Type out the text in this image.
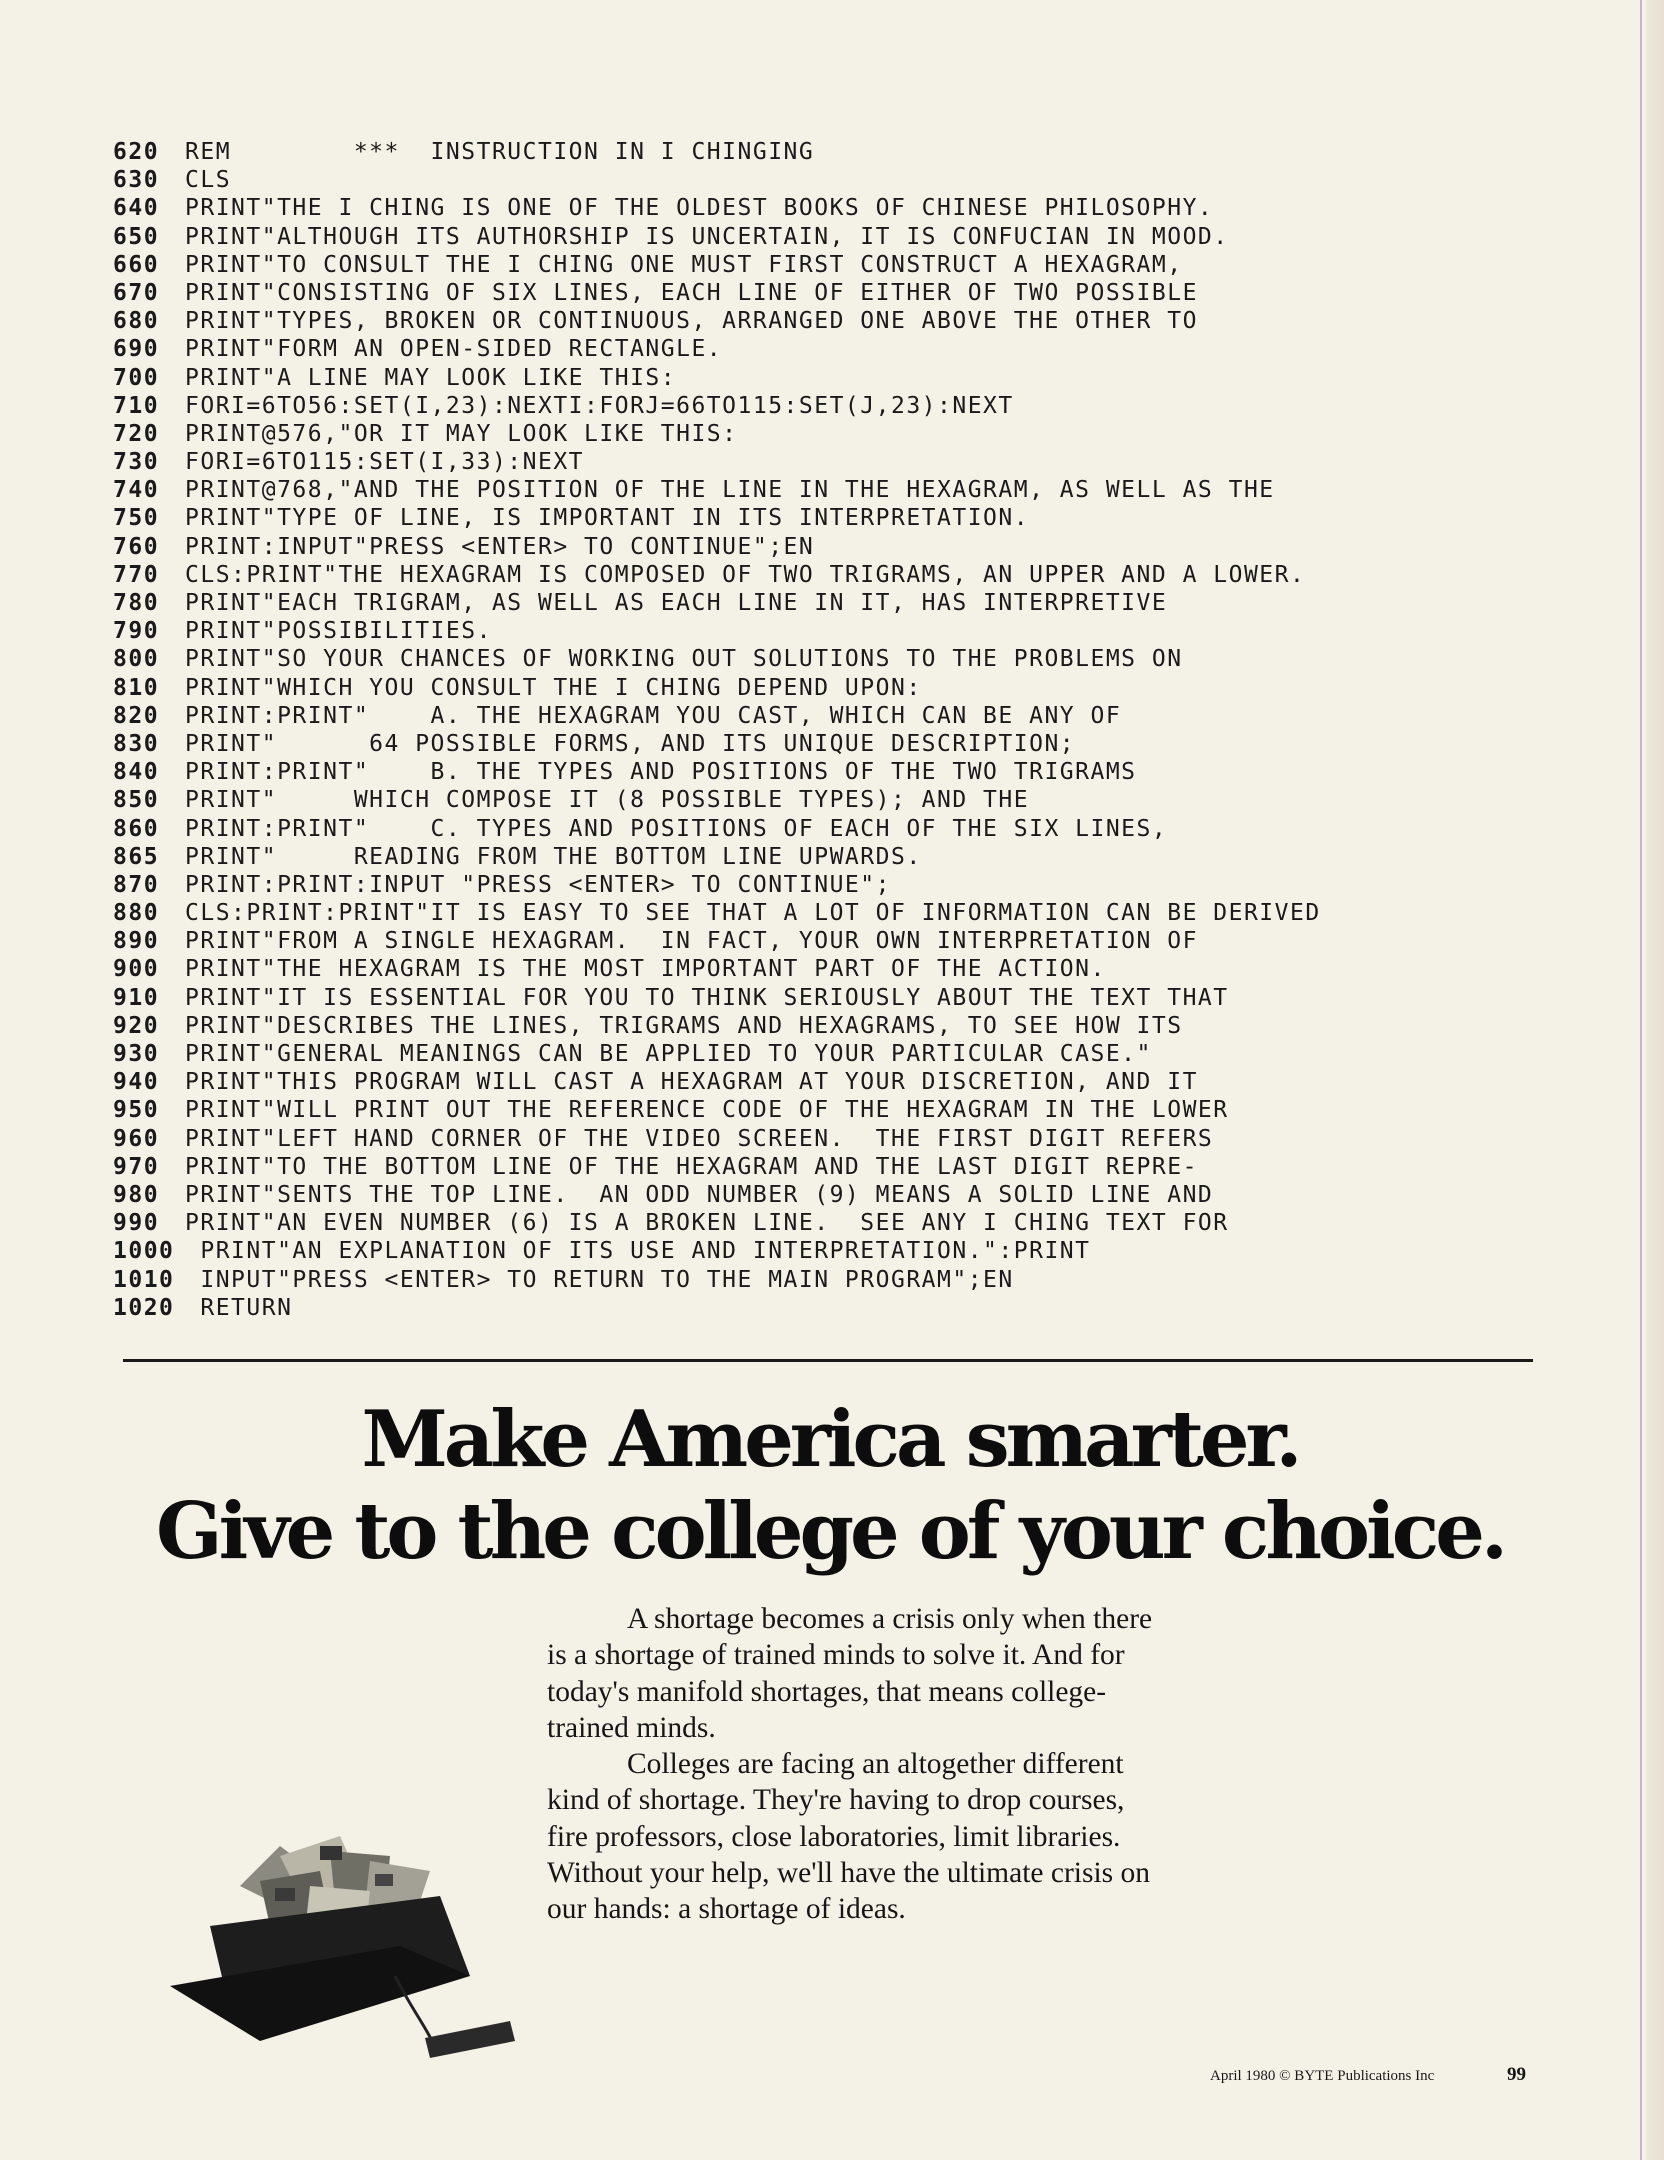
620 REM        ***  INSTRUCTION IN I CHINGING
630 CLS
640 PRINT"THE I CHING IS ONE OF THE OLDEST BOOKS OF CHINESE PHILOSOPHY.
650 PRINT"ALTHOUGH ITS AUTHORSHIP IS UNCERTAIN, IT IS CONFUCIAN IN MOOD.
660 PRINT"TO CONSULT THE I CHING ONE MUST FIRST CONSTRUCT A HEXAGRAM,
670 PRINT"CONSISTING OF SIX LINES, EACH LINE OF EITHER OF TWO POSSIBLE
680 PRINT"TYPES, BROKEN OR CONTINUOUS, ARRANGED ONE ABOVE THE OTHER TO
690 PRINT"FORM AN OPEN-SIDED RECTANGLE.
700 PRINT"A LINE MAY LOOK LIKE THIS:
710 FORI=6TO56:SET(I,23):NEXTI:FORJ=66TO115:SET(J,23):NEXT
720 PRINT@576,"OR IT MAY LOOK LIKE THIS:
730 FORI=6TO115:SET(I,33):NEXT
740 PRINT@768,"AND THE POSITION OF THE LINE IN THE HEXAGRAM, AS WELL AS THE
750 PRINT"TYPE OF LINE, IS IMPORTANT IN ITS INTERPRETATION.
760 PRINT:INPUT"PRESS <ENTER> TO CONTINUE";EN
770 CLS:PRINT"THE HEXAGRAM IS COMPOSED OF TWO TRIGRAMS, AN UPPER AND A LOWER.
780 PRINT"EACH TRIGRAM, AS WELL AS EACH LINE IN IT, HAS INTERPRETIVE
790 PRINT"POSSIBILITIES.
800 PRINT"SO YOUR CHANCES OF WORKING OUT SOLUTIONS TO THE PROBLEMS ON
810 PRINT"WHICH YOU CONSULT THE I CHING DEPEND UPON:
820 PRINT:PRINT"    A. THE HEXAGRAM YOU CAST, WHICH CAN BE ANY OF
830 PRINT"      64 POSSIBLE FORMS, AND ITS UNIQUE DESCRIPTION;
840 PRINT:PRINT"    B. THE TYPES AND POSITIONS OF THE TWO TRIGRAMS
850 PRINT"     WHICH COMPOSE IT (8 POSSIBLE TYPES); AND THE
860 PRINT:PRINT"    C. TYPES AND POSITIONS OF EACH OF THE SIX LINES,
865 PRINT"     READING FROM THE BOTTOM LINE UPWARDS.
870 PRINT:PRINT:INPUT "PRESS <ENTER> TO CONTINUE";
880 CLS:PRINT:PRINT"IT IS EASY TO SEE THAT A LOT OF INFORMATION CAN BE DERIVED
890 PRINT"FROM A SINGLE HEXAGRAM.  IN FACT, YOUR OWN INTERPRETATION OF
900 PRINT"THE HEXAGRAM IS THE MOST IMPORTANT PART OF THE ACTION.
910 PRINT"IT IS ESSENTIAL FOR YOU TO THINK SERIOUSLY ABOUT THE TEXT THAT
920 PRINT"DESCRIBES THE LINES, TRIGRAMS AND HEXAGRAMS, TO SEE HOW ITS
930 PRINT"GENERAL MEANINGS CAN BE APPLIED TO YOUR PARTICULAR CASE."
940 PRINT"THIS PROGRAM WILL CAST A HEXAGRAM AT YOUR DISCRETION, AND IT
950 PRINT"WILL PRINT OUT THE REFERENCE CODE OF THE HEXAGRAM IN THE LOWER
960 PRINT"LEFT HAND CORNER OF THE VIDEO SCREEN.  THE FIRST DIGIT REFERS
970 PRINT"TO THE BOTTOM LINE OF THE HEXAGRAM AND THE LAST DIGIT REPRE-
980 PRINT"SENTS THE TOP LINE.  AN ODD NUMBER (9) MEANS A SOLID LINE AND
990 PRINT"AN EVEN NUMBER (6) IS A BROKEN LINE.  SEE ANY I CHING TEXT FOR
1000 PRINT"AN EXPLANATION OF ITS USE AND INTERPRETATION.":PRINT
1010 INPUT"PRESS <ENTER> TO RETURN TO THE MAIN PROGRAM";EN
1020 RETURN
Make America smarter.
Give to the college of your choice.

A shortage becomes a crisis only when there is a shortage of trained minds to solve it. And for today's manifold shortages, that means college-trained minds.

Colleges are facing an altogether different kind of shortage. They're having to drop courses, fire professors, close laboratories, limit libraries. Without your help, we'll have the ultimate crisis on our hands: a shortage of ideas.

April 1980 © BYTE Publications Inc	99
